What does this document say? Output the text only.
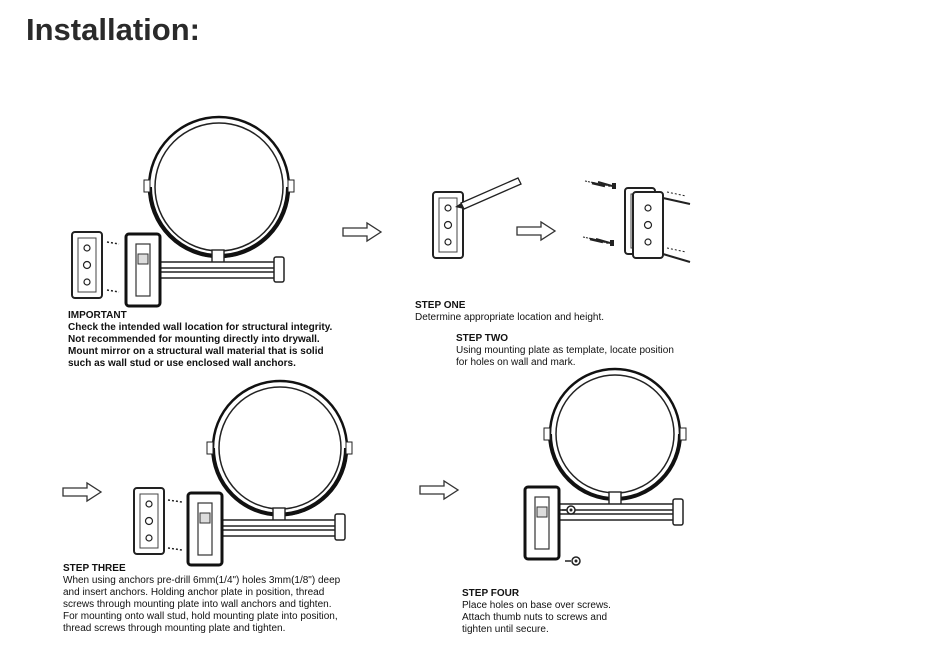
Installation:
IMPORTANT
Check the intended wall location for structural integrity.
Not recommended for mounting directly into drywall.
Mount mirror on a structural wall material that is solid
such as wall stud or use enclosed wall anchors.
STEP ONE
Determine appropriate location and height.
STEP TWO
Using mounting plate as template, locate position
for holes on wall and mark.
STEP THREE
When using anchors pre-drill 6mm(1/4") holes 3mm(1/8") deep
and insert anchors. Holding anchor plate in position, thread
screws through mounting plate into wall anchors and tighten.
For mounting onto wall stud, hold mounting plate into position,
thread screws through mounting plate and tighten.
STEP FOUR
Place holes on base over screws.
Attach thumb nuts to screws and
tighten until secure.
